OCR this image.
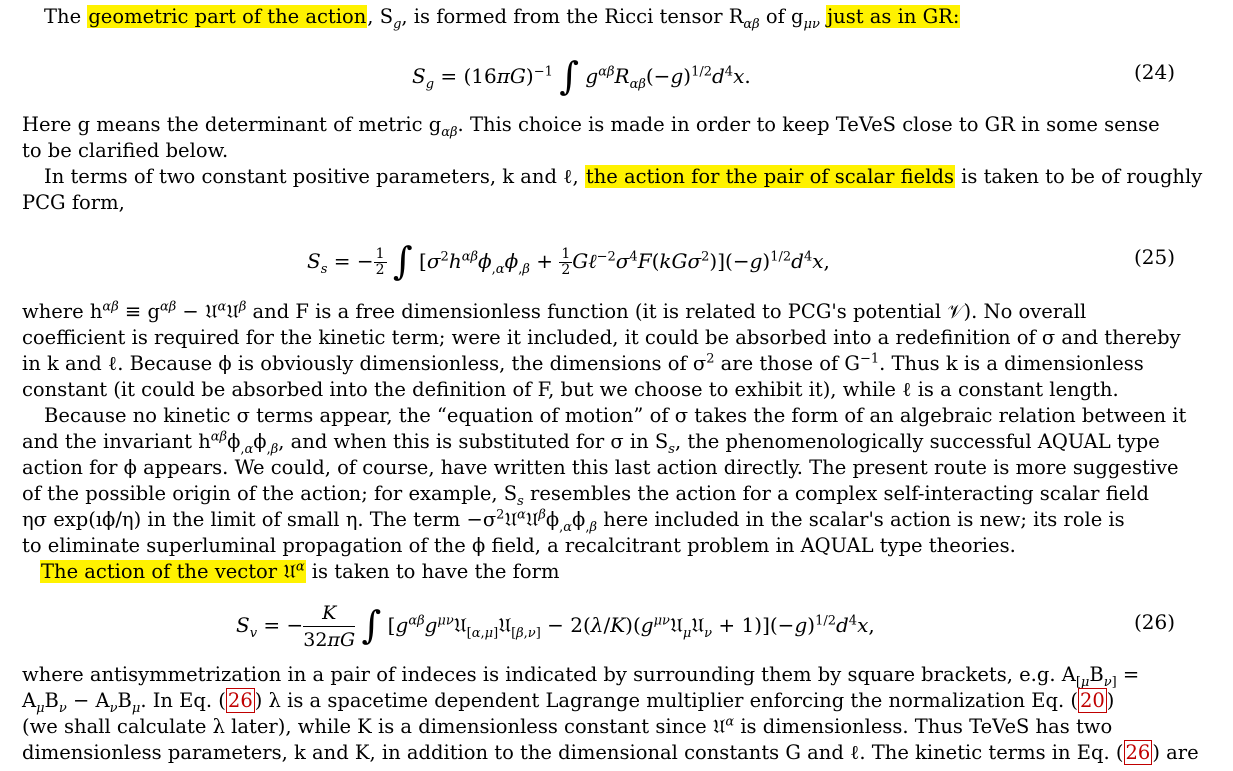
The geometric part of the action, $S_g$, is formed from the Ricci tensor $R_{\alpha\beta}$ of $g_{\mu\nu}$ just as in GR:
$S_g = (16\pi G)^{-1}$ ∫ $g^{\alpha\beta}R_{\alpha\beta}(-g)^{1/2}d^4x$.	(24)
Here g means the determinant of metric $g_{\alpha\beta}$. This choice is made in order to keep TeVeS close to GR in some sense
to be clarified below.
In terms of two constant positive parameters, k and ℓ, the action for the pair of scalar fields is taken to be of roughly
PCG form,
$S_s$ = − $\frac{1}{2}$ ∫ [$\sigma^2h^{\alpha\beta}\phi_{,\alpha}\phi_{,\beta} + \frac{1}{2}$ $G\ell^{-2}\sigma^4F(kG\sigma^2)](-g)^{1/2}d^4x$,	(25)
where $h^{\alpha\beta} \equiv g^{\alpha\beta}$ − 𝔘$^\alpha$𝔘$^\beta$ and F is a free dimensionless function (it is related to PCG's potential 𝒱). No overall
coefficient is required for the kinetic term; were it included, it could be absorbed into a redefinition of σ and thereby
in k and ℓ. Because ϕ is obviously dimensionless, the dimensions of $\sigma^2$ are those of $G^{-1}$. Thus k is a dimensionless
constant (it could be absorbed into the definition of F, but we choose to exhibit it), while ℓ is a constant length.
Because no kinetic σ terms appear, the “equation of motion” of σ takes the form of an algebraic relation between it
and the invariant $h^{\alpha\beta}\phi_{,\alpha}\phi_{,\beta}$, and when this is substituted for σ in $S_s$, the phenomenologically successful AQUAL type
action for ϕ appears. We could, of course, have written this last action directly. The present route is more suggestive
of the possible origin of the action; for example, $S_s$ resembles the action for a complex self-interacting scalar field
ησ exp(ıϕ/η) in the limit of small η. The term $-\sigma^2𝔘^\alpha 𝔘^\beta\phi_{,\alpha}\phi_{,\beta}$ here included in the scalar's action is new; its role is
to eliminate superluminal propagation of the ϕ field, a recalcitrant problem in AQUAL type theories.
The action of the vector 𝔘$^\alpha$ is taken to have the form
$S_v$ = − $\frac{K}{32\pi G}$ ∫ [$g^{\alpha\beta}g^{\mu\nu}𝔘_{[\alpha,\mu]}𝔘_{[\beta,\nu]}$ − $2(\lambda/K)(g^{\mu\nu}𝔘_\mu 𝔘_\nu + 1)](-g)^{1/2}d^4x$,	(26)
where antisymmetrization in a pair of indeces is indicated by surrounding them by square brackets, e.g. $A_{[\mu}B_{\nu]}$ =
$A_\mu B_\nu - A_\nu B_\mu$. In Eq. ( 26 ) λ is a spacetime dependent Lagrange multiplier enforcing the normalization Eq. ( 20 )
(we shall calculate λ later), while K is a dimensionless constant since 𝔘$^\alpha$ is dimensionless. Thus TeVeS has two
dimensionless parameters, k and K, in addition to the dimensional constants G and ℓ. The kinetic terms in Eq. ( 26 ) are
